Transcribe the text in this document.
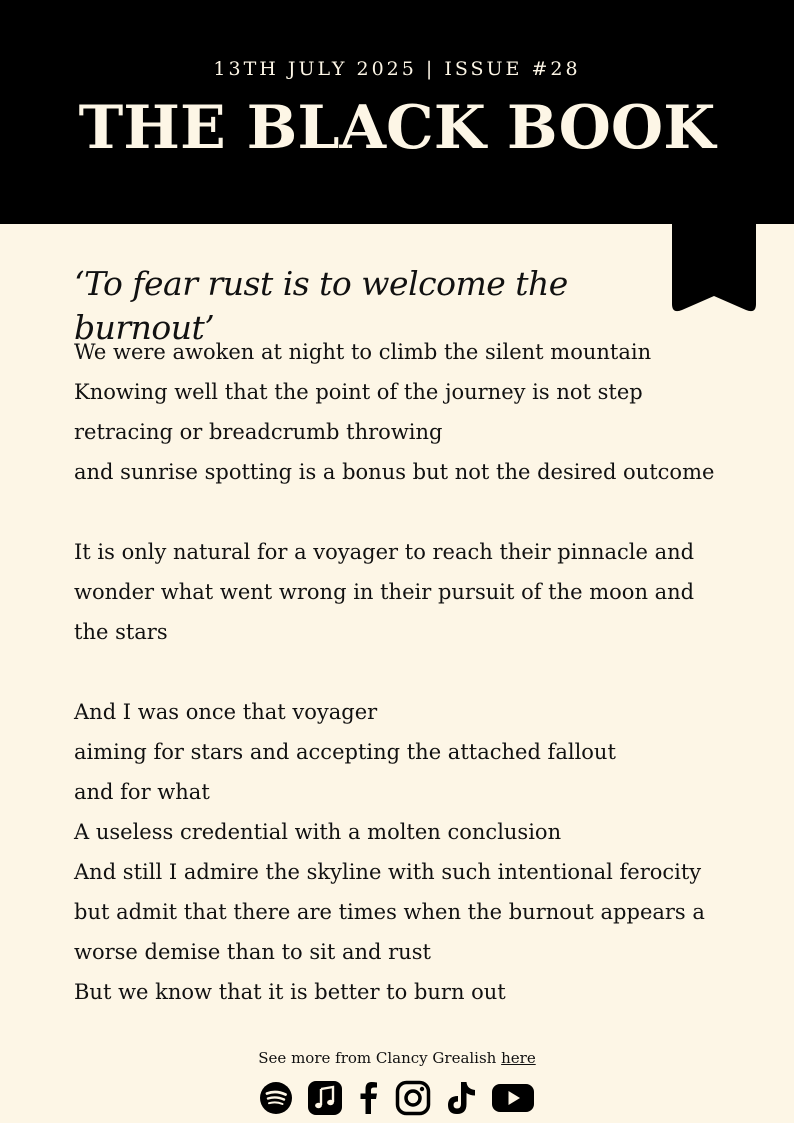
13TH JULY 2025 | ISSUE #28
THE BLACK BOOK
‘To fear rust is to welcome the burnout’
We were awoken at night to climb the silent mountain
Knowing well that the point of the journey is not step
retracing or breadcrumb throwing
and sunrise spotting is a bonus but not the desired outcome
It is only natural for a voyager to reach their pinnacle and
wonder what went wrong in their pursuit of the moon and
the stars
And I was once that voyager
aiming for stars and accepting the attached fallout
and for what
A useless credential with a molten conclusion
And still I admire the skyline with such intentional ferocity
but admit that there are times when the burnout appears a
worse demise than to sit and rust
But we know that it is better to burn out
See more from Clancy Grealish here
